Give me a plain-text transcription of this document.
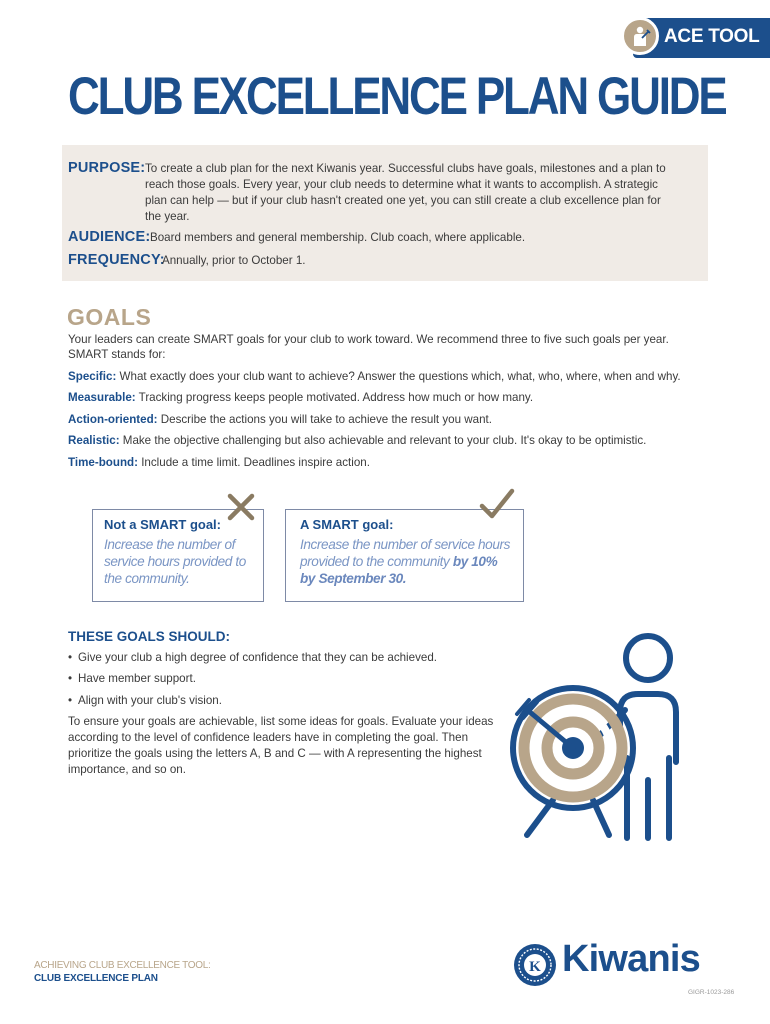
ACE TOOL
CLUB EXCELLENCE PLAN GUIDE
PURPOSE: To create a club plan for the next Kiwanis year. Successful clubs have goals, milestones and a plan to
reach those goals. Every year, your club needs to determine what it wants to accomplish. A strategic
plan can help — but if your club hasn't created one yet, you can still create a club excellence plan for
the year.
AUDIENCE: Board members and general membership. Club coach, where applicable.
FREQUENCY:
Annually, prior to October 1.
GOALS
Your leaders can create SMART goals for your club to work toward. We recommend three to five such goals per year.
SMART stands for:
Specific: What exactly does your club want to achieve? Answer the questions which, what, who, where, when and why.
Measurable: Tracking progress keeps people motivated. Address how much or how many.
Action-oriented: Describe the actions you will take to achieve the result you want.
Realistic: Make the objective challenging but also achievable and relevant to your club. It's okay to be optimistic.
Time-bound: Include a time limit. Deadlines inspire action.
Not a SMART goal:
Increase the number of
service hours provided to
the community.
A SMART goal:
Increase the number of service hours
provided to the community by 10%
by September 30.
THESE GOALS SHOULD:
• Give your club a high degree of confidence that they can be achieved.
• Have member support.
• Align with your club's vision.
To ensure your goals are achievable, list some ideas for goals. Evaluate your ideas
according to the level of confidence leaders have in completing the goal. Then
prioritize the goals using the letters A, B and C — with A representing the highest
importance, and so on.
ACHIEVING CLUB EXCELLENCE TOOL:
CLUB EXCELLENCE PLAN
K Kiwanis
GIGR-1023-286
